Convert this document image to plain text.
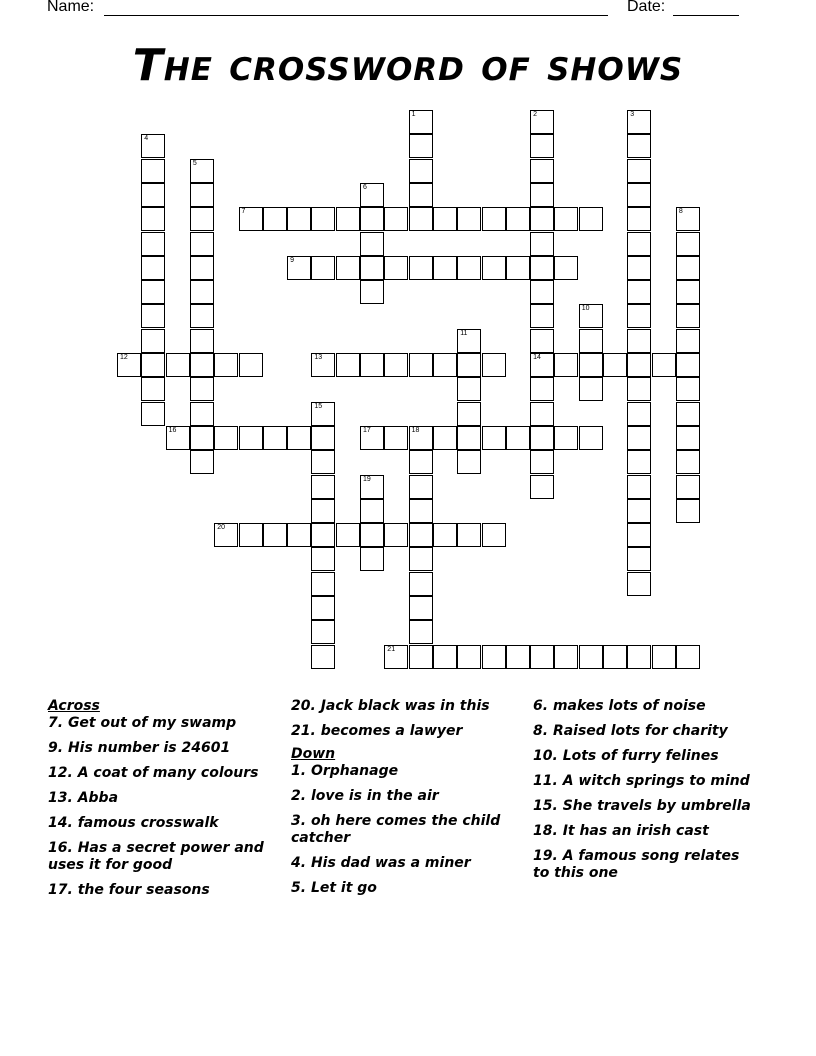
Name:	Date:
The crossword of shows
7
9
12	13	14
16	17	18
20
21
1	2	3
4
5
6
8
10
11
15
19
Across
7. Get out of my swamp
9. His number is 24601
12. A coat of many colours
13. Abba
14. famous crosswalk
16. Has a secret power and uses it for good
17. the four seasons
20. Jack black was in this
21. becomes a lawyer
Down
1. Orphanage
2. love is in the air
3. oh here comes the child catcher
4. His dad was a miner
5. Let it go
6. makes lots of noise
8. Raised lots for charity
10. Lots of furry felines
11. A witch springs to mind
15. She travels by umbrella
18. It has an irish cast
19. A famous song relates to this one
